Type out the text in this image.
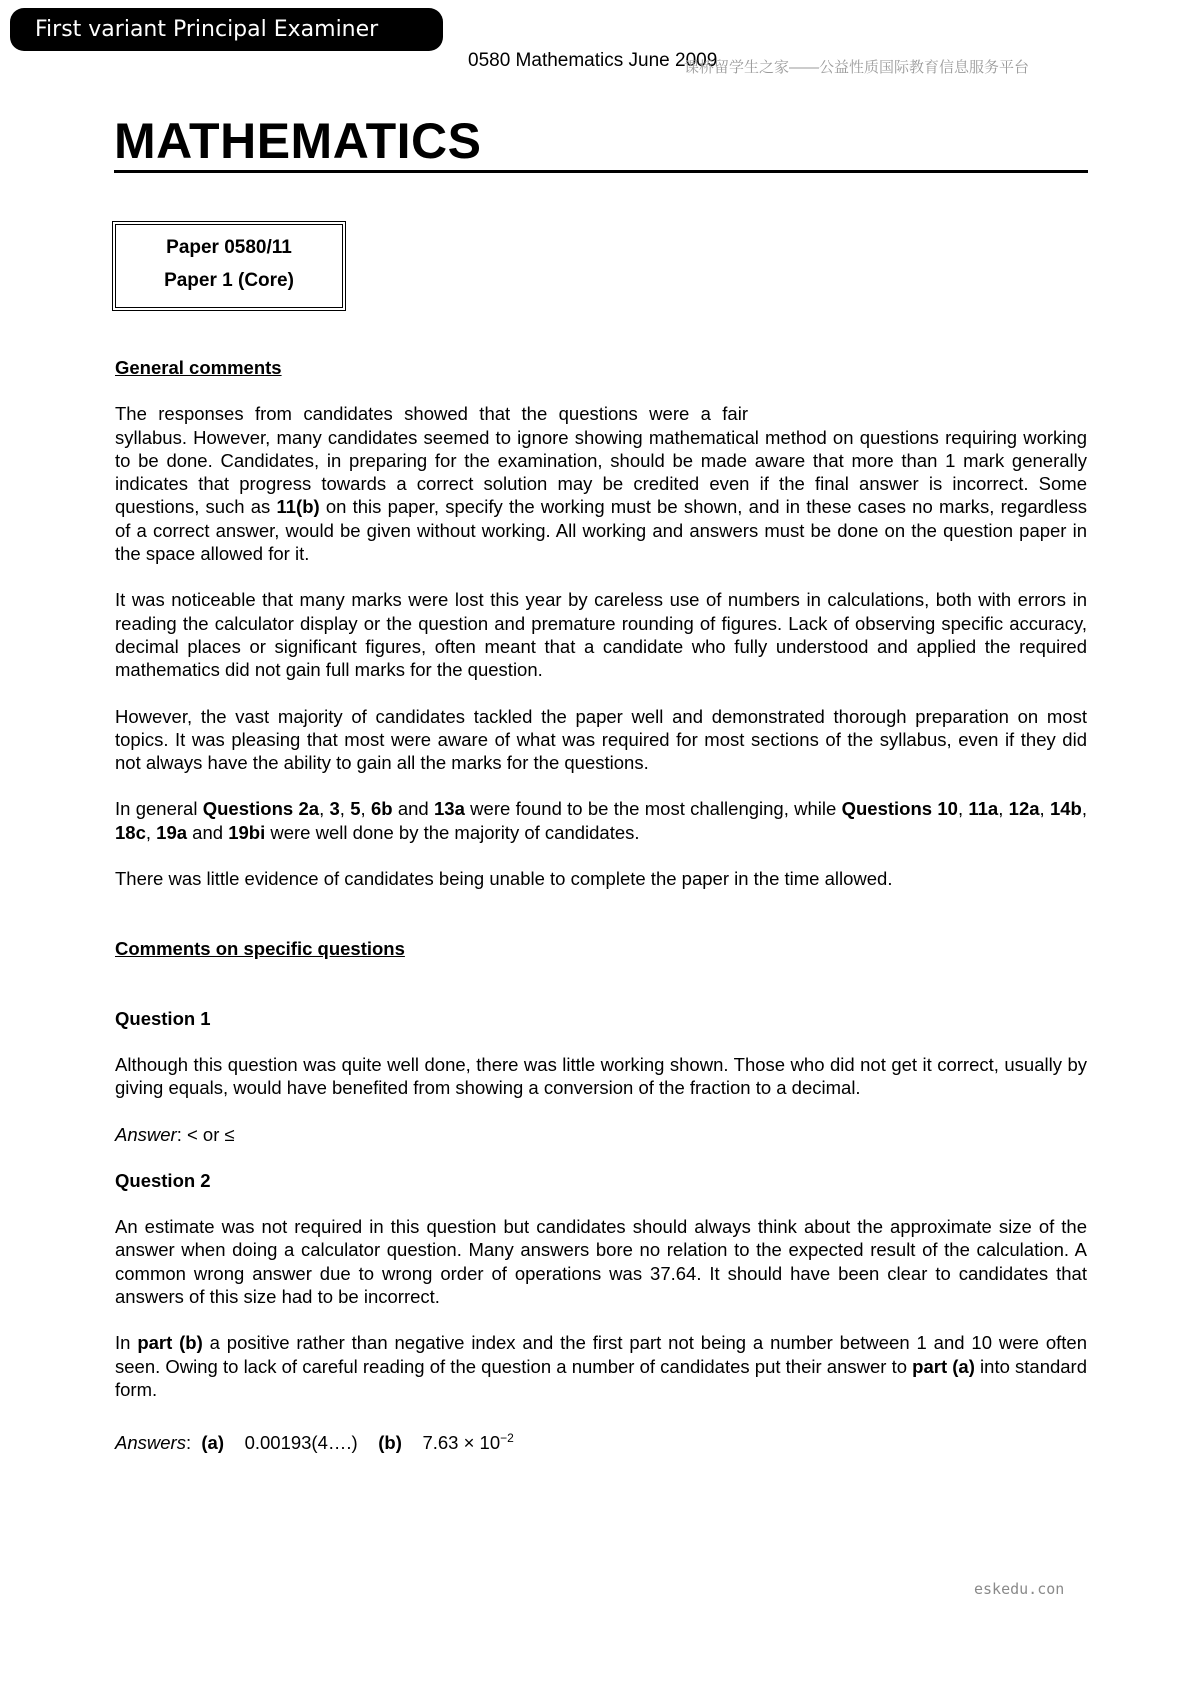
First variant Principal Examiner Report	0580 Mathematics June 2009
课桥留学生之家——公益性质国际教育信息服务平台
MATHEMATICS
Paper 0580/11
Paper 1 (Core)

General comments

The responses from candidates showed that the questions were a fair
syllabus. However, many candidates seemed to ignore showing mathematical method on questions requiring working to be done. Candidates, in preparing for the examination, should be made aware that more than 1 mark generally indicates that progress towards a correct solution may be credited even if the final answer is incorrect. Some questions, such as 11(b) on this paper, specify the working must be shown, and in these cases no marks, regardless of a correct answer, would be given without working. All working and answers must be done on the question paper in the space allowed for it.

It was noticeable that many marks were lost this year by careless use of numbers in calculations, both with errors in reading the calculator display or the question and premature rounding of figures. Lack of observing specific accuracy, decimal places or significant figures, often meant that a candidate who fully understood and applied the required mathematics did not gain full marks for the question.

However, the vast majority of candidates tackled the paper well and demonstrated thorough preparation on most topics. It was pleasing that most were aware of what was required for most sections of the syllabus, even if they did not always have the ability to gain all the marks for the questions.

In general Questions 2a, 3, 5, 6b and 13a were found to be the most challenging, while Questions 10, 11a, 12a, 14b, 18c, 19a and 19bi were well done by the majority of candidates.

There was little evidence of candidates being unable to complete the paper in the time allowed.

Comments on specific questions

Question 1

Although this question was quite well done, there was little working shown. Those who did not get it correct, usually by giving equals, would have benefited from showing a conversion of the fraction to a decimal.

Answer: < or ≤

Question 2

An estimate was not required in this question but candidates should always think about the approximate size of the answer when doing a calculator question. Many answers bore no relation to the expected result of the calculation. A common wrong answer due to wrong order of operations was 37.64. It should have been clear to candidates that answers of this size had to be incorrect.

In part (b) a positive rather than negative index and the first part not being a number between 1 and 10 were often seen. Owing to lack of careful reading of the question a number of candidates put their answer to part (a) into standard form.

Answers:  (a) 0.00193(4….) (b) $7.63 \times 10^{-2}$

eskedu.con
